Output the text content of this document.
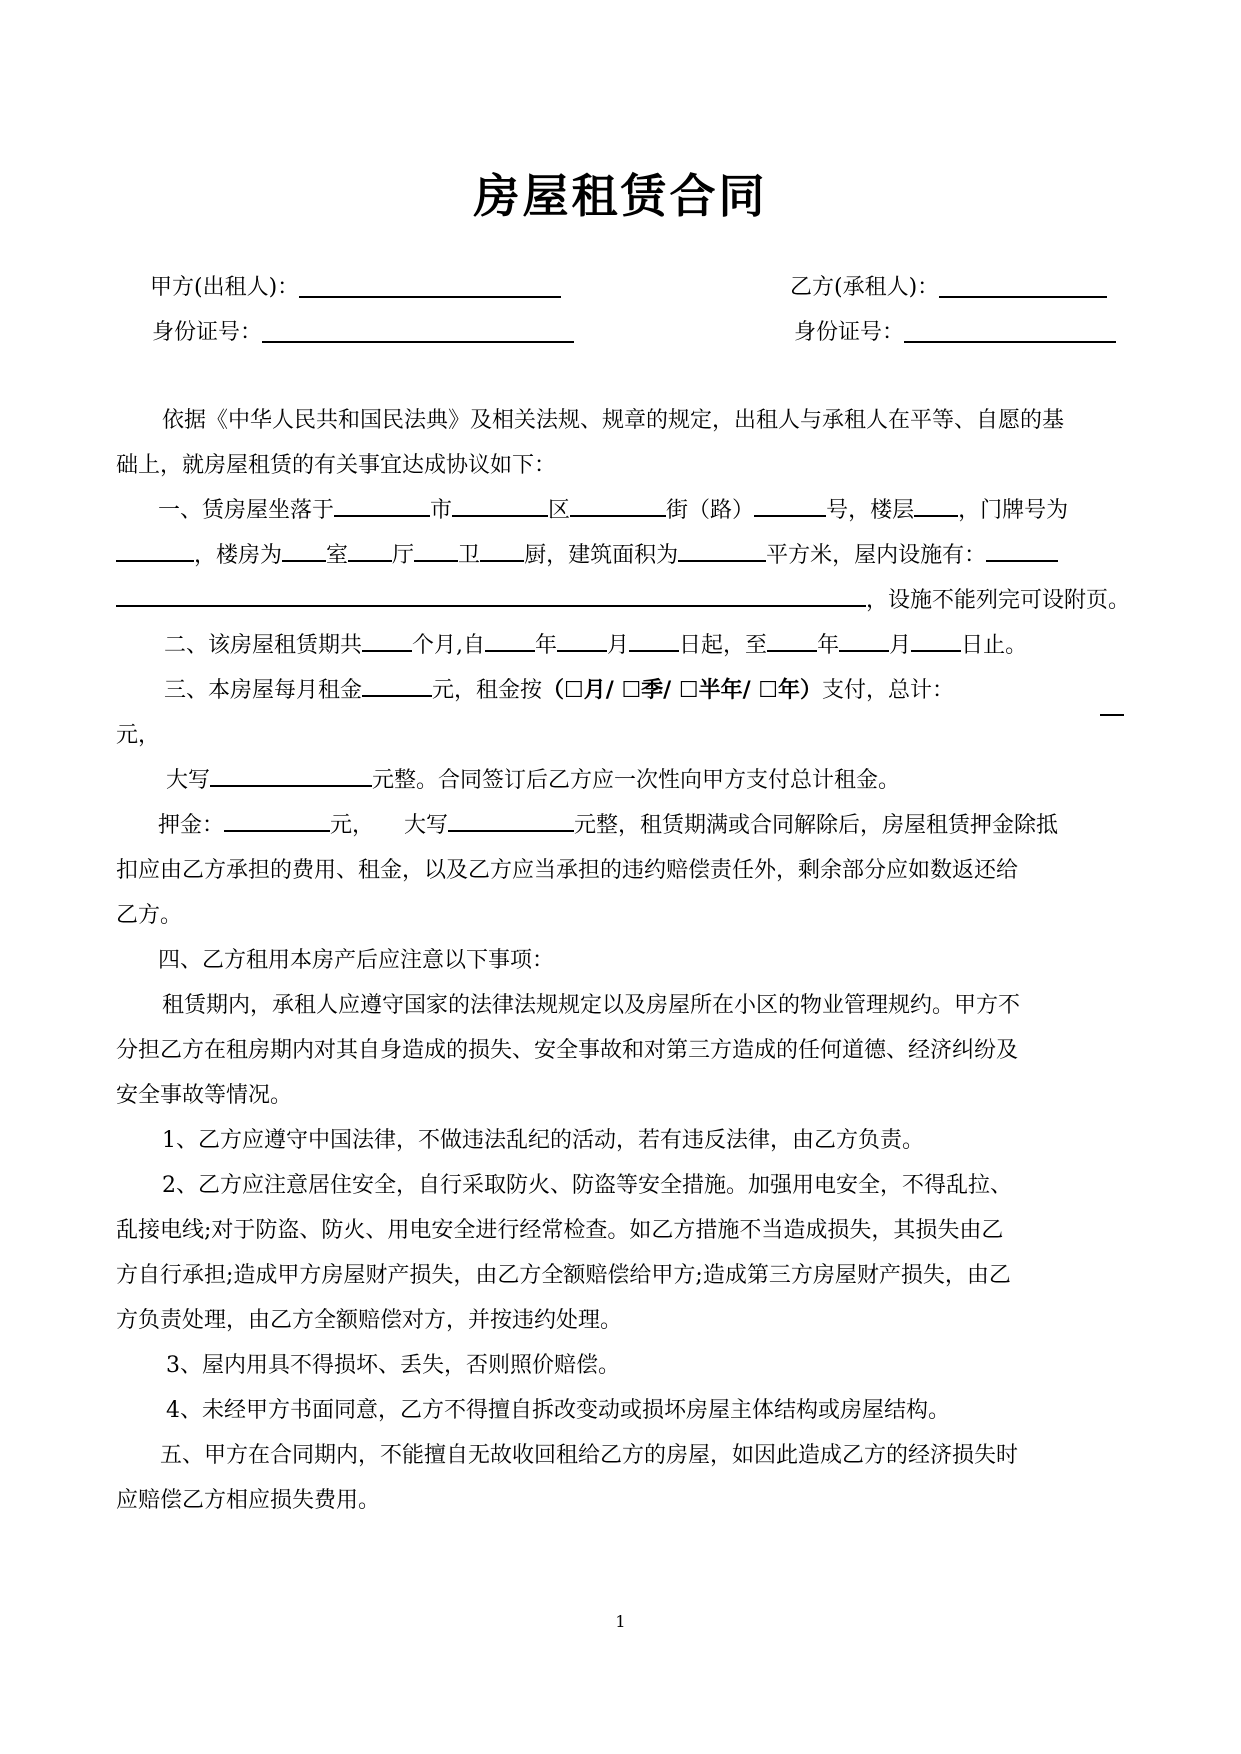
房屋租赁合同
甲方(出租人)：	乙方(承租人)：
身份证号：	身份证号：
依据《中华人民共和国民法典》及相关法规、规章的规定，出租人与承租人在平等、自愿的基
础上，就房屋租赁的有关事宜达成协议如下：
一、赁房屋坐落于	市	区	街（路）	号，楼层 ，门牌号为
，楼房为 室 厅 卫 厨，建筑面积为	平方米，屋内设施有：
，设施不能列完可设附页。
二、该房屋租赁期共 个月,自 年 月 日起，至 年 月 日止。
三、本房屋每月租金	元，租金按（☐月/ ☐季/ ☐半年/ ☐年）支付，总计：
元，
大写	元整。合同签订后乙方应一次性向甲方支付总计租金。
押金：	元， 大写	元整，租赁期满或合同解除后，房屋租赁押金除抵
扣应由乙方承担的费用、租金，以及乙方应当承担的违约赔偿责任外，剩余部分应如数返还给
乙方。
四、乙方租用本房产后应注意以下事项：
租赁期内，承租人应遵守国家的法律法规规定以及房屋所在小区的物业管理规约。甲方不
分担乙方在租房期内对其自身造成的损失、安全事故和对第三方造成的任何道德、经济纠纷及
安全事故等情况。
1、乙方应遵守中国法律，不做违法乱纪的活动，若有违反法律，由乙方负责。
2、乙方应注意居住安全，自行采取防火、防盗等安全措施。加强用电安全，不得乱拉、
乱接电线;对于防盗、防火、用电安全进行经常检查。如乙方措施不当造成损失，其损失由乙
方自行承担;造成甲方房屋财产损失，由乙方全额赔偿给甲方;造成第三方房屋财产损失，由乙
方负责处理，由乙方全额赔偿对方，并按违约处理。
3、屋内用具不得损坏、丢失，否则照价赔偿。
4、未经甲方书面同意，乙方不得擅自拆改变动或损坏房屋主体结构或房屋结构。
五、甲方在合同期内，不能擅自无故收回租给乙方的房屋，如因此造成乙方的经济损失时
应赔偿乙方相应损失费用。
1
